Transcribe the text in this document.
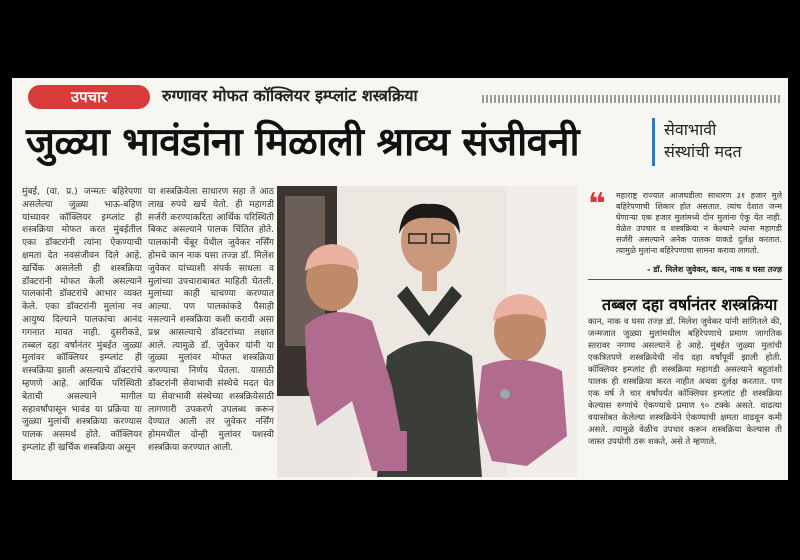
उपचार	रुग्णावर मोफत कॉक्लियर इम्प्लांट शस्त्रक्रिया
जुळ्या भावंडांना मिळाली श्राव्य संजीवनी	सेवाभावी
संस्थांची मदत
मुंबई, (वा. प्र.) जन्मतः बहिरेपणा असलेल्या जुळ्या भाऊ-बहिण यांच्यावर कॉक्लियर इम्प्लांट ही शस्त्रक्रिया मोफत करत मुंबईतील एका डॉक्टरांनी त्यांना ऐकण्याची क्षमता देत नवसंजीवन दिले आहे. खर्चिक असलेली ही शस्त्रक्रिया डॉक्टरांनी मोफत केली असल्याने पालकांनी डॉक्टरांचे आभार व्यक्त केले. एका डॉक्टरांनी मुलांना नव आयुष्य दिल्याने पालकांचा आनंद गगनात मावत नाही. दुसरीकडे, तब्बल दहा वर्षानंतर मुंबईत जुळ्या मुलांवर कॉक्लियर इम्प्लांट ही शस्त्रक्रिया झाली असल्याचे डॉक्टरांचे म्हणणे आहे. आर्थिक परिस्थिती बेताची असल्याने मागील सहावर्षांपासून भावंड या प्रक्रिया या जुळ्या मुलांची शस्त्रक्रिया करण्यास पालक असमर्थ होते. कॉक्लियर इम्प्लांट ही खर्चिक शस्त्रक्रिया असून
या शस्त्रक्रियेला साधारण सहा ते आठ लाख रुपये खर्च येतो. ही महागडी सर्जरी करण्याकरिता आर्थिक परिस्थिती बिकट असल्याने पालक चिंतित होते. पालकांनी चेंबूर येथील जुवेकर नर्सिंग होमचे कान नाक घसा तज्ज्ञ डॉ. मिलेश जुवेकर यांच्याशी संपर्क साधला व मुलांच्या उपचाराबाबत माहिती घेतली. मुलांच्या काही चाचण्या करण्यात आल्या. पण पालकांकडे पैसाही नसल्याने शस्त्रक्रिया कशी करावी असा प्रश्न आसल्याचे डॉक्टरांच्या लक्षात आले. त्यामुळे डॉ. जुवेकर यांनी या जुळ्या मुलांवर मोफत शस्त्रक्रिया करण्याचा निर्णय घेतला. यासाठी डॉक्टरांनी सेवाभावी संस्थेचे मदत घेत या सेवाभावी संस्थेच्या शस्त्रक्रियेसाठी लागणारी उपकरणे उपलब्ध करून देण्यात आली तर जुवेकर नर्सिंग होममधील दोन्ही मुलांवर यशस्वी शस्त्रक्रिया करण्यात आली.
❝ महाराष्ट्र राज्यात आजघडीला साधारण ३१ हजार मुले बहिरेपणाची शिकार होत असतात. त्यांच देशात जन्म घेणाऱ्या एक हजार मुलांमध्ये दोन मुलांना ऐकू येत नाही. वेळेत उपचार व शस्त्रक्रिया न केल्याने त्यांना महागडी सर्जरी असल्याने अनेक पालक याकडे दुर्लक्ष करतात. त्यामुळे मुलांना बहिरेपणाचा सामना करावा लागतो.
- डॉ. मिलेश जुवेकर, कान, नाक व घसा तज्ज्ञ
तब्बल दहा वर्षानंतर शस्त्रक्रिया
कान, नाक व घसा तज्ज्ञ डॉ. मिलेश जुवेकर यांनी सांगितले की, जन्मजात जुळ्या मुलांमधील बहिरेपणाचे प्रमाण जागतिक स्तरावर नगण्य असल्याने हे आहे. मुंबईत जुळ्या मुलांची एकत्रितपणे शस्त्रक्रियेची नोंद दहा वर्षांपूर्वी झाली होती. कॉक्लियर इम्प्लांट ही शस्त्रक्रिया महागडी असल्याने बहुतांशी पालक ही शस्त्रक्रिया करत नाहीत अथवा दुर्लक्ष करतात. पण एक वर्ष ते चार वर्षांपर्यंत कॉक्लियर इम्प्लांट ही शस्त्रक्रिया केल्यास रुग्णांचे ऐकण्याचे प्रमाण ९० टक्के असते. वाढत्या वयासोबत केलेल्या शस्त्रक्रियेने ऐकण्याची क्षमता वाढवून कमी असते. त्यामुळे वेळीच उपचार करून शस्त्रक्रिया केल्यास ती जास्त उपयोगी ठरू शकते, असे ते म्हणाले.
